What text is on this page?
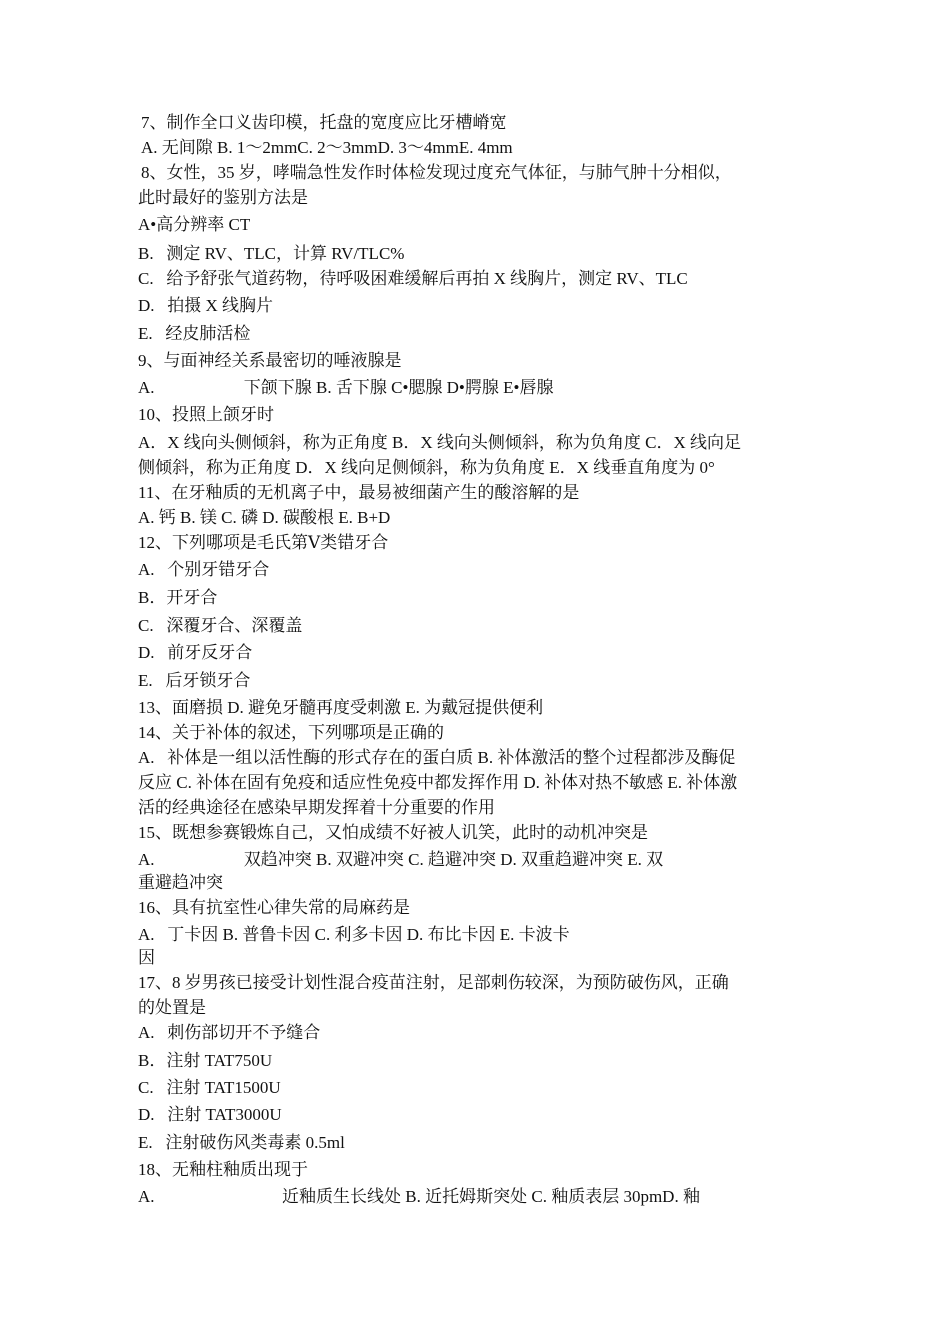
7、制作全口义齿印模，托盘的宽度应比牙槽嵴宽
A. 无间隙 B. 1〜2mmC. 2〜3mmD. 3〜4mmE. 4mm
8、女性，35 岁，哮喘急性发作时体检发现过度充气体征，与肺气肿十分相似，
此时最好的鉴别方法是
A•高分辨率 CT
B.   测定 RV、TLC，计算 RV/TLC%
C.   给予舒张气道药物，待呼吸困难缓解后再拍 X 线胸片，测定 RV、TLC
D.   拍摄 X 线胸片
E.   经皮肺活检
9、与面神经关系最密切的唾液腺是
A.                     下颌下腺 B. 舌下腺 C•腮腺 D•腭腺 E•唇腺
10、投照上颌牙时
A．X 线向头侧倾斜，称为正角度 B．X 线向头侧倾斜，称为负角度 C．X 线向足
侧倾斜，称为正角度 D．X 线向足侧倾斜，称为负角度 E．X 线垂直角度为 0°
11、在牙釉质的无机离子中，最易被细菌产生的酸溶解的是
A. 钙 B. 镁 C. 磷 D. 碳酸根 E. B+D
12、下列哪项是毛氏第Ⅴ类错牙合
A.   个别牙错牙合
B．开牙合
C.   深覆牙合、深覆盖
D.   前牙反牙合
E.   后牙锁牙合
13、面磨损 D. 避免牙髓再度受刺激 E. 为戴冠提供便利
14、关于补体的叙述，下列哪项是正确的
A.   补体是一组以活性酶的形式存在的蛋白质 B. 补体激活的整个过程都涉及酶促
反应 C. 补体在固有免疫和适应性免疫中都发挥作用 D. 补体对热不敏感 E. 补体激
活的经典途径在感染早期发挥着十分重要的作用
15、既想参赛锻炼自己，又怕成绩不好被人讥笑，此时的动机冲突是
A.                     双趋冲突 B. 双避冲突 C. 趋避冲突 D. 双重趋避冲突 E. 双
重避趋冲突
16、具有抗室性心律失常的局麻药是
A.   丁卡因 B. 普鲁卡因 C. 利多卡因 D. 布比卡因 E. 卡波卡
因
17、8 岁男孩已接受计划性混合疫苗注射，足部刺伤较深，为预防破伤风，正确
的处置是
A.   刺伤部切开不予缝合
B．注射 TAT750U
C.   注射 TAT1500U
D.   注射 TAT3000U
E.   注射破伤风类毒素 0.5ml
18、无釉柱釉质出现于
A.                              近釉质生长线处 B. 近托姆斯突处 C. 釉质表层 30pmD. 釉
